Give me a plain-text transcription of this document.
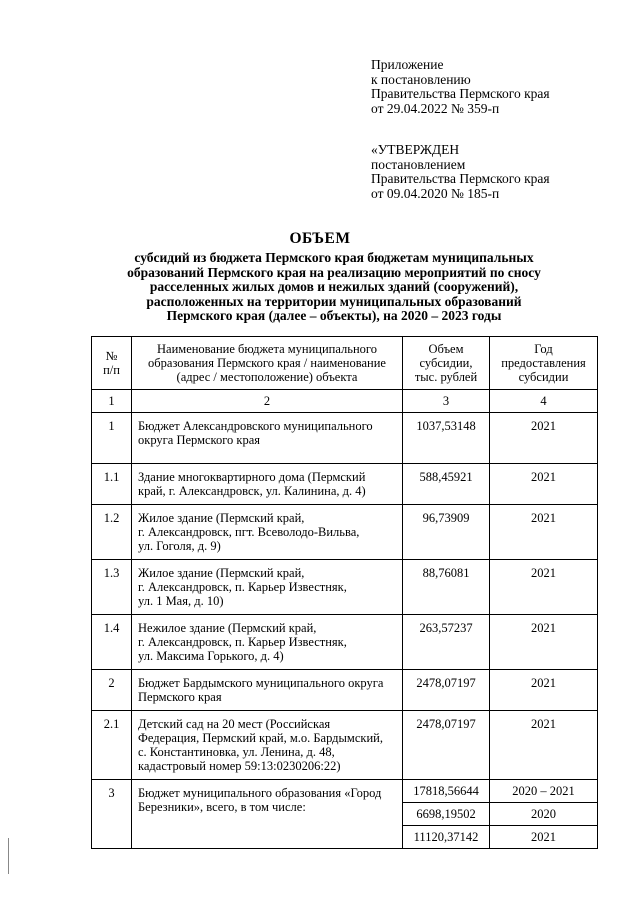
Приложение
к постановлению
Правительства Пермского края
от 29.04.2022 № 359-п
«УТВЕРЖДЕН
постановлением
Правительства Пермского края
от 09.04.2020 № 185-п
ОБЪЕМ
субсидий из бюджета Пермского края бюджетам муниципальных
образований Пермского края на реализацию мероприятий по сносу
расселенных жилых домов и нежилых зданий (сооружений),
расположенных на территории муниципальных образований
Пермского края (далее – объекты), на 2020 – 2023 годы
№
п/п	Наименование бюджета муниципального
образования Пермского края / наименование
(адрес / местоположение) объекта	Объем
субсидии,
тыс. рублей	Год
предоставления
субсидии

1	2	3	4
1	Бюджет Александровского муниципального
округа Пермского края	1037,53148	2021
1.1	Здание многоквартирного дома (Пермский
край, г. Александровск, ул. Калинина, д. 4)	588,45921	2021
1.2	Жилое здание (Пермский край,
г. Александровск, пгт. Всеволодо-Вильва,
ул. Гоголя, д. 9)	96,73909	2021
1.3	Жилое здание (Пермский край,
г. Александровск, п. Карьер Известняк,
ул. 1 Мая, д. 10)	88,76081	2021
1.4	Нежилое здание (Пермский край,
г. Александровск, п. Карьер Известняк,
ул. Максима Горького, д. 4)	263,57237	2021
2	Бюджет Бардымского муниципального округа
Пермского края	2478,07197	2021
2.1	Детский сад на 20 мест (Российская
Федерация, Пермский край, м.о. Бардымский,
с. Константиновка, ул. Ленина, д. 48,
кадастровый номер 59:13:0230206:22)	2478,07197	2021
3	Бюджет муниципального образования «Город
Березники», всего, в том числе:	17818,56644	2020 – 2021
		6698,19502	2020
		11120,37142	2021
